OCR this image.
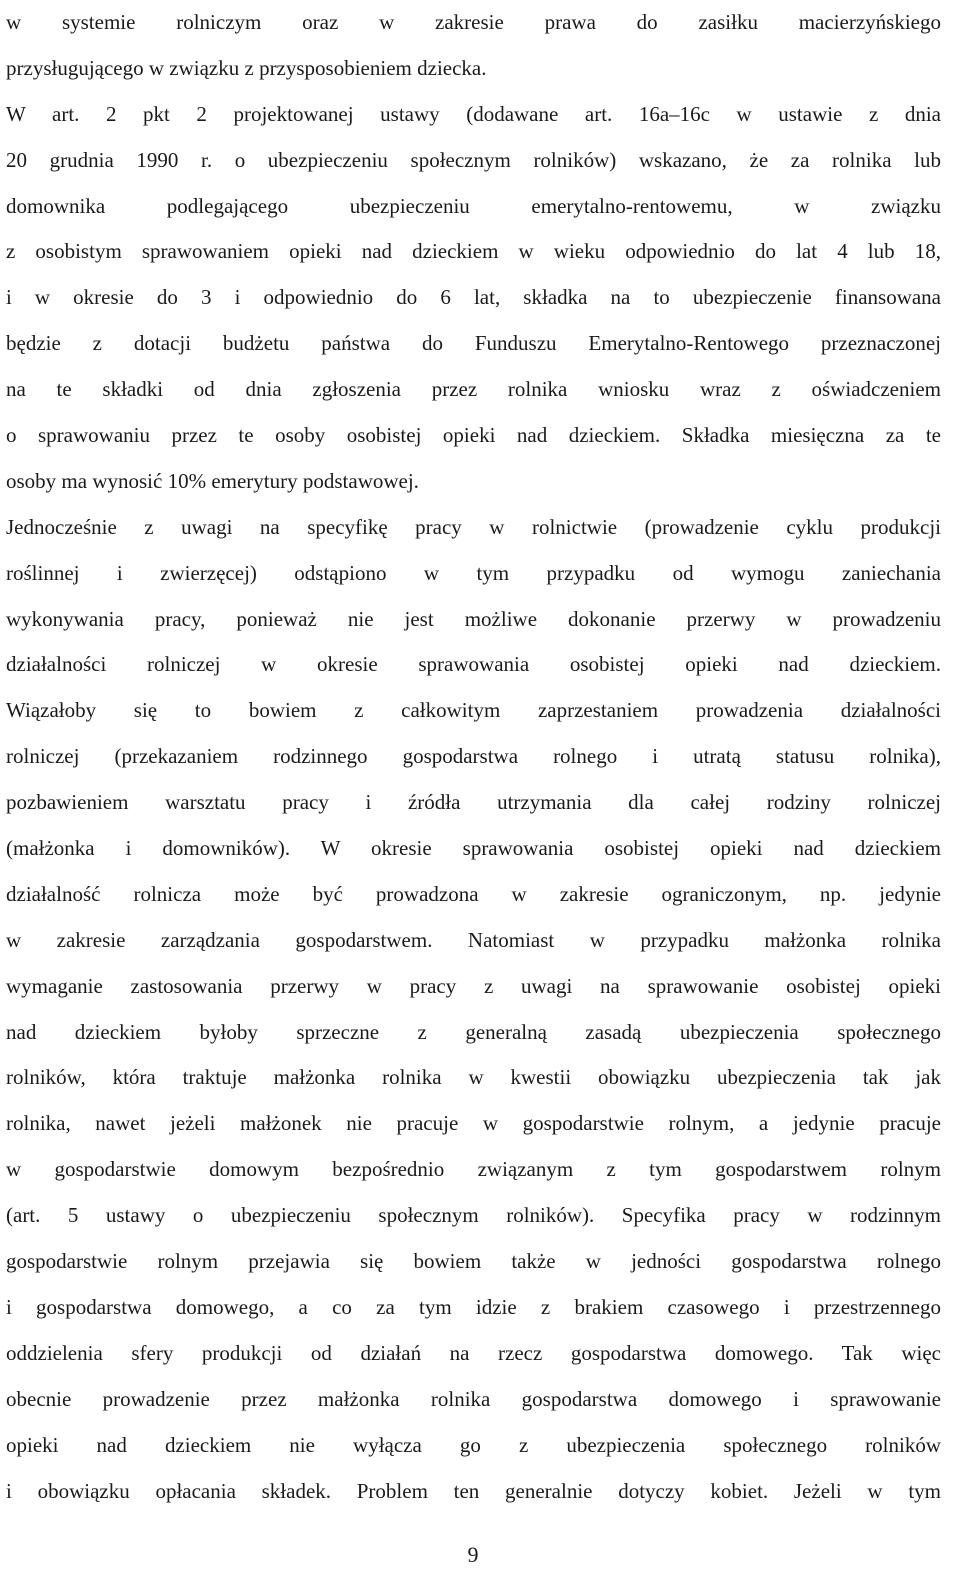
w systemie rolniczym oraz w zakresie prawa do zasiłku macierzyńskiego
przysługującego w związku z przysposobieniem dziecka.
W art. 2 pkt 2 projektowanej ustawy (dodawane art. 16a–16c w ustawie z dnia
20 grudnia 1990 r. o ubezpieczeniu społecznym rolników) wskazano, że za rolnika lub
domownika podlegającego ubezpieczeniu emerytalno-rentowemu, w związku
z osobistym sprawowaniem opieki nad dzieckiem w wieku odpowiednio do lat 4 lub 18,
i w okresie do 3 i odpowiednio do 6 lat, składka na to ubezpieczenie finansowana
będzie z dotacji budżetu państwa do Funduszu Emerytalno-Rentowego przeznaczonej
na te składki od dnia zgłoszenia przez rolnika wniosku wraz z oświadczeniem
o sprawowaniu przez te osoby osobistej opieki nad dzieckiem. Składka miesięczna za te
osoby ma wynosić 10% emerytury podstawowej.
Jednocześnie z uwagi na specyfikę pracy w rolnictwie (prowadzenie cyklu produkcji
roślinnej i zwierzęcej) odstąpiono w tym przypadku od wymogu zaniechania
wykonywania pracy, ponieważ nie jest możliwe dokonanie przerwy w prowadzeniu
działalności rolniczej w okresie sprawowania osobistej opieki nad dzieckiem.
Wiązałoby się to bowiem z całkowitym zaprzestaniem prowadzenia działalności
rolniczej (przekazaniem rodzinnego gospodarstwa rolnego i utratą statusu rolnika),
pozbawieniem warsztatu pracy i źródła utrzymania dla całej rodziny rolniczej
(małżonka i domowników). W okresie sprawowania osobistej opieki nad dzieckiem
działalność rolnicza może być prowadzona w zakresie ograniczonym, np. jedynie
w zakresie zarządzania gospodarstwem. Natomiast w przypadku małżonka rolnika
wymaganie zastosowania przerwy w pracy z uwagi na sprawowanie osobistej opieki
nad dzieckiem byłoby sprzeczne z generalną zasadą ubezpieczenia społecznego
rolników, która traktuje małżonka rolnika w kwestii obowiązku ubezpieczenia tak jak
rolnika, nawet jeżeli małżonek nie pracuje w gospodarstwie rolnym, a jedynie pracuje
w gospodarstwie domowym bezpośrednio związanym z tym gospodarstwem rolnym
(art. 5 ustawy o ubezpieczeniu społecznym rolników). Specyfika pracy w rodzinnym
gospodarstwie rolnym przejawia się bowiem także w jedności gospodarstwa rolnego
i gospodarstwa domowego, a co za tym idzie z brakiem czasowego i przestrzennego
oddzielenia sfery produkcji od działań na rzecz gospodarstwa domowego. Tak więc
obecnie prowadzenie przez małżonka rolnika gospodarstwa domowego i sprawowanie
opieki nad dzieckiem nie wyłącza go z ubezpieczenia społecznego rolników
i obowiązku opłacania składek. Problem ten generalnie dotyczy kobiet. Jeżeli w tym
9
